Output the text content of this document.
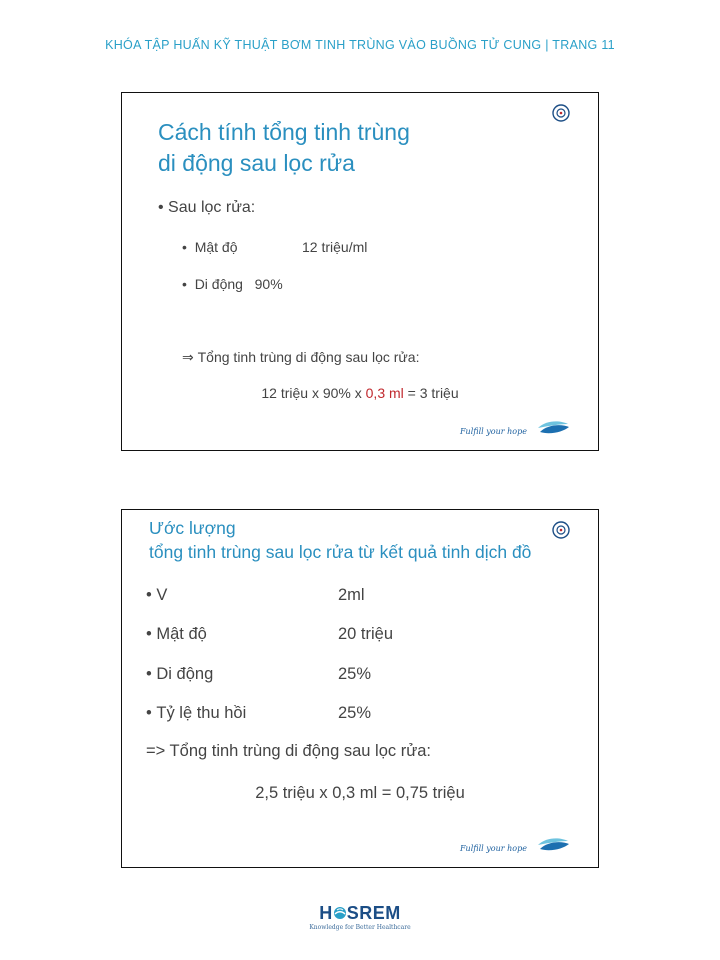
KHÓA TẬP HUẤN KỸ THUẬT BƠM TINH TRÙNG VÀO BUỒNG TỬ CUNG | TRANG 11
Cách tính tổng tinh trùng
di động sau lọc rửa
• Sau lọc rửa:
•  Mật độ	12 triệu/ml
•  Di động 90%
⇒ Tổng tinh trùng di động sau lọc rửa:
12 triệu x 90% x 0,3 ml = 3 triệu
Fulfill your hope
Ước lượng
tổng tinh trùng sau lọc rửa từ kết quả tinh dịch đồ
• V	2ml
• Mật độ	20 triệu
• Di động	25%
• Tỷ lệ thu hồi	25%
=> Tổng tinh trùng di động sau lọc rửa:
2,5 triệu x 0,3 ml = 0,75 triệu
Fulfill your hope
H SREM
Knowledge for Better Healthcare
